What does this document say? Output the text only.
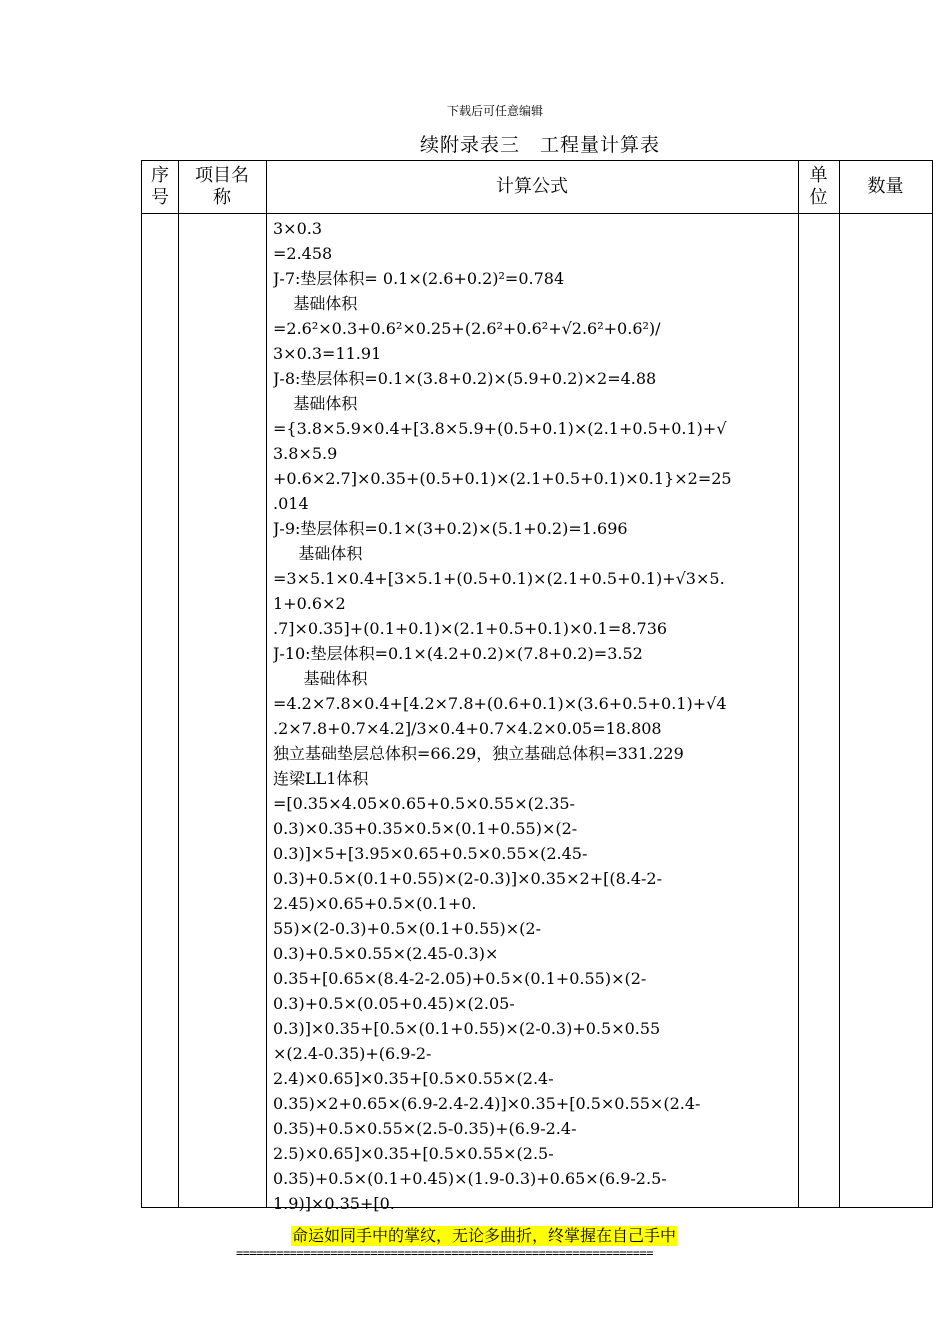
下载后可任意编辑
续附录表三　工程量计算表
序
号
项目名
称
计算公式
单
位
数量
3×0.3
=2.458
J-7:垫层体积= 0.1×(2.6+0.2)²=0.784
基础体积
=2.6²×0.3+0.6²×0.25+(2.6²+0.6²+√2.6²+0.6²)/
3×0.3=11.91
J-8:垫层体积=0.1×(3.8+0.2)×(5.9+0.2)×2=4.88
基础体积
={3.8×5.9×0.4+[3.8×5.9+(0.5+0.1)×(2.1+0.5+0.1)+√
3.8×5.9
+0.6×2.7]×0.35+(0.5+0.1)×(2.1+0.5+0.1)×0.1}×2=25
.014
J-9:垫层体积=0.1×(3+0.2)×(5.1+0.2)=1.696
基础体积
=3×5.1×0.4+[3×5.1+(0.5+0.1)×(2.1+0.5+0.1)+√3×5.
1+0.6×2
.7]×0.35]+(0.1+0.1)×(2.1+0.5+0.1)×0.1=8.736
J-10:垫层体积=0.1×(4.2+0.2)×(7.8+0.2)=3.52
基础体积
=4.2×7.8×0.4+[4.2×7.8+(0.6+0.1)×(3.6+0.5+0.1)+√4
.2×7.8+0.7×4.2]/3×0.4+0.7×4.2×0.05=18.808
独立基础垫层总体积=66.29，独立基础总体积=331.229
连梁LL1体积
=[0.35×4.05×0.65+0.5×0.55×(2.35-
0.3)×0.35+0.35×0.5×(0.1+0.55)×(2-
0.3)]×5+[3.95×0.65+0.5×0.55×(2.45-
0.3)+0.5×(0.1+0.55)×(2-0.3)]×0.35×2+[(8.4-2-
2.45)×0.65+0.5×(0.1+0.
55)×(2-0.3)+0.5×(0.1+0.55)×(2-
0.3)+0.5×0.55×(2.45-0.3)×
0.35+[0.65×(8.4-2-2.05)+0.5×(0.1+0.55)×(2-
0.3)+0.5×(0.05+0.45)×(2.05-
0.3)]×0.35+[0.5×(0.1+0.55)×(2-0.3)+0.5×0.55
×(2.4-0.35)+(6.9-2-
2.4)×0.65]×0.35+[0.5×0.55×(2.4-
0.35)×2+0.65×(6.9-2.4-2.4)]×0.35+[0.5×0.55×(2.4-
0.35)+0.5×0.55×(2.5-0.35)+(6.9-2.4-
2.5)×0.65]×0.35+[0.5×0.55×(2.5-
0.35)+0.5×(0.1+0.45)×(1.9-0.3)+0.65×(6.9-2.5-
1.9)]×0.35+[0.
命运如同手中的掌纹，无论多曲折，终掌握在自己手中
==============================================================
